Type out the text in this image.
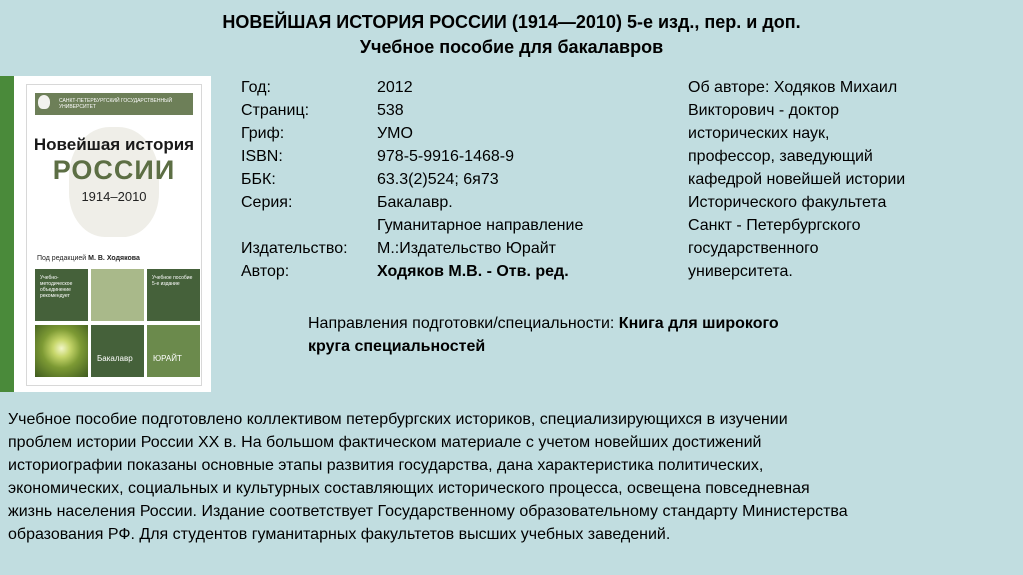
НОВЕЙШАЯ ИСТОРИЯ РОССИИ (1914—2010) 5-е изд., пер. и доп.
Учебное пособие для бакалавров
САНКТ-ПЕТЕРБУРГСКИЙ ГОСУДАРСТВЕННЫЙ УНИВЕРСИТЕТ
Новейшая история
РОССИИ
1914–2010
Под редакцией М. В. Ходякова
Учебно-методическое объединение рекомендует
Учебное пособие 5-е издание
Бакалавр	ЮРАЙТ
Год:
Страниц:
Гриф:
ISBN:
ББК:
Серия:

Издательство:
Автор:
2012
538
УМО
978-5-9916-1468-9
63.3(2)524; 6я73
Бакалавр.
Гуманитарное направление
М.:Издательство Юрайт
Ходяков М.В. - Отв. ред.
Об авторе: Ходяков Михаил
Викторович - доктор
исторических наук,
профессор, заведующий
кафедрой новейшей истории
Исторического факультета
Санкт - Петербургского
государственного
университета.
Направления подготовки/специальности: Книга для широкого
круга специальностей
Учебное пособие подготовлено коллективом петербургских историков, специализирующихся в изучении
проблем истории России XX в. На большом фактическом материале с учетом новейших достижений
историографии показаны основные этапы развития государства, дана характеристика политических,
экономических, социальных и культурных составляющих исторического процесса, освещена повседневная
жизнь населения России. Издание соответствует Государственному образовательному стандарту Министерства
образования РФ. Для студентов гуманитарных факультетов высших учебных заведений.
